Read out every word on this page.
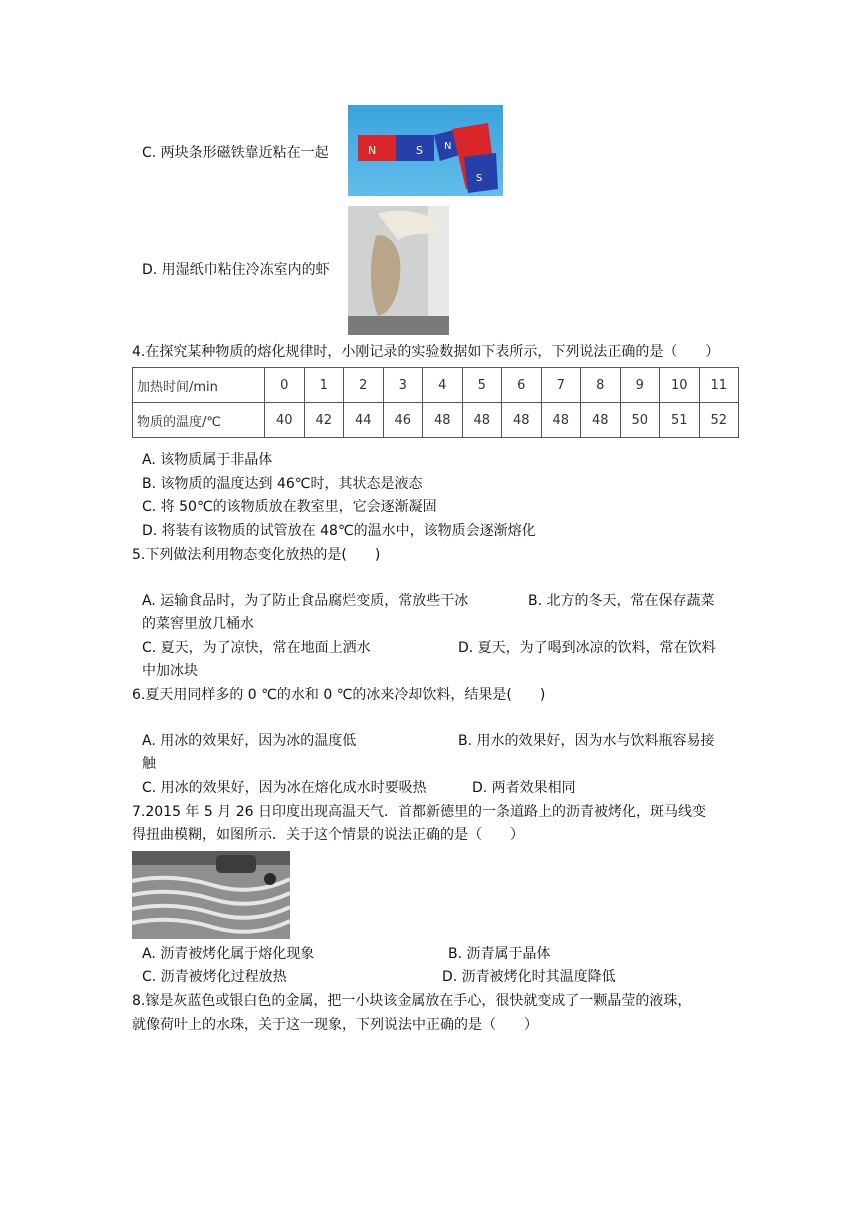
C. 两块条形磁铁靠近粘在一起	N	S N
S
D. 用湿纸巾粘住冷冻室内的虾
4.在探究某种物质的熔化规律时，小刚记录的实验数据如下表所示，下列说法正确的是（　　）
加热时间/min	0	1	2	3	4	5	6	7	8	9	10	11
物质的温度/℃	40	42	44	46	48	48	48	48	48	50	51	52
A. 该物质属于非晶体
B. 该物质的温度达到 46℃时，其状态是液态
C. 将 50℃的该物质放在教室里，它会逐渐凝固
D. 将装有该物质的试管放在 48℃的温水中，该物质会逐渐熔化
5.下列做法利用物态变化放热的是(　　)
A. 运输食品时，为了防止食品腐烂变质，常放些干冰	B. 北方的冬天，常在保存蔬菜
的菜窖里放几桶水
C. 夏天，为了凉快，常在地面上洒水	D. 夏天，为了喝到冰凉的饮料，常在饮料
中加冰块
6.夏天用同样多的 0 ℃的水和 0 ℃的冰来冷却饮料，结果是(　　)
A. 用冰的效果好，因为冰的温度低	B. 用水的效果好，因为水与饮料瓶容易接
触
C. 用冰的效果好，因为冰在熔化成水时要吸热	D. 两者效果相同
7.2015 年 5 月 26 日印度出现高温天气．首都新德里的一条道路上的沥青被烤化，斑马线变
得扭曲模糊，如图所示．关于这个情景的说法正确的是（　　）
A. 沥青被烤化属于熔化现象	B. 沥青属于晶体
C. 沥青被烤化过程放热	D. 沥青被烤化时其温度降低
8.镓是灰蓝色或银白色的金属，把一小块该金属放在手心，很快就变成了一颗晶莹的液珠，
就像荷叶上的水珠，关于这一现象，下列说法中正确的是（　　）
